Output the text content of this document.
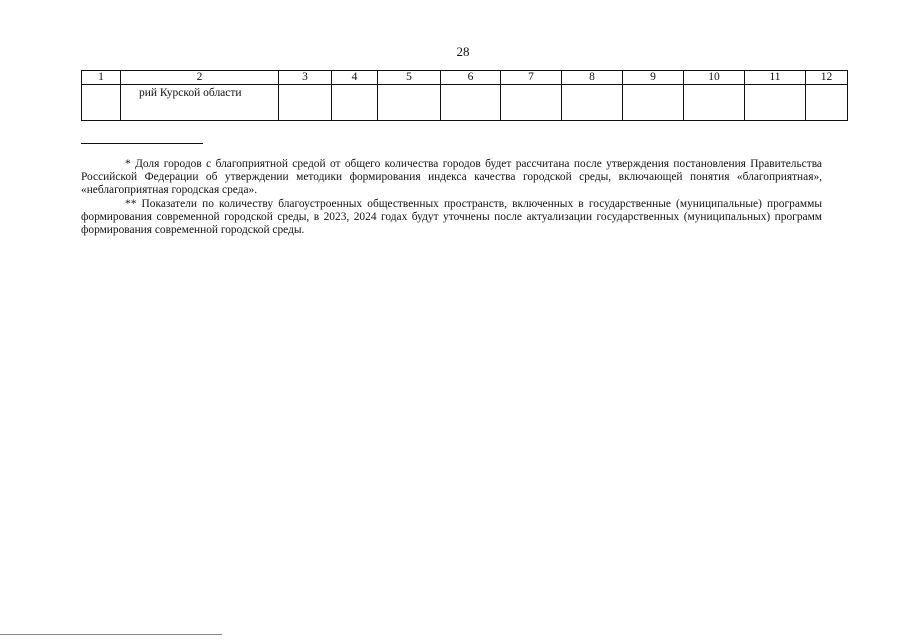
28
1	2	3	4	5	6	7	8	9	10	11	12
	рий Курской области										

* Доля городов с благоприятной средой от общего количества городов будет рассчитана после утверждения постановления Правительства Российской Федерации об утверждении методики формирования индекса качества городской среды, включающей понятия «благоприятная», «неблагоприятная городская среда».

** Показатели по количеству благоустроенных общественных пространств, включенных в государственные (муниципальные) программы формирования современной городской среды, в 2023, 2024 годах будут уточнены после актуализации государственных (муниципальных) программ формирования современной городской среды.
